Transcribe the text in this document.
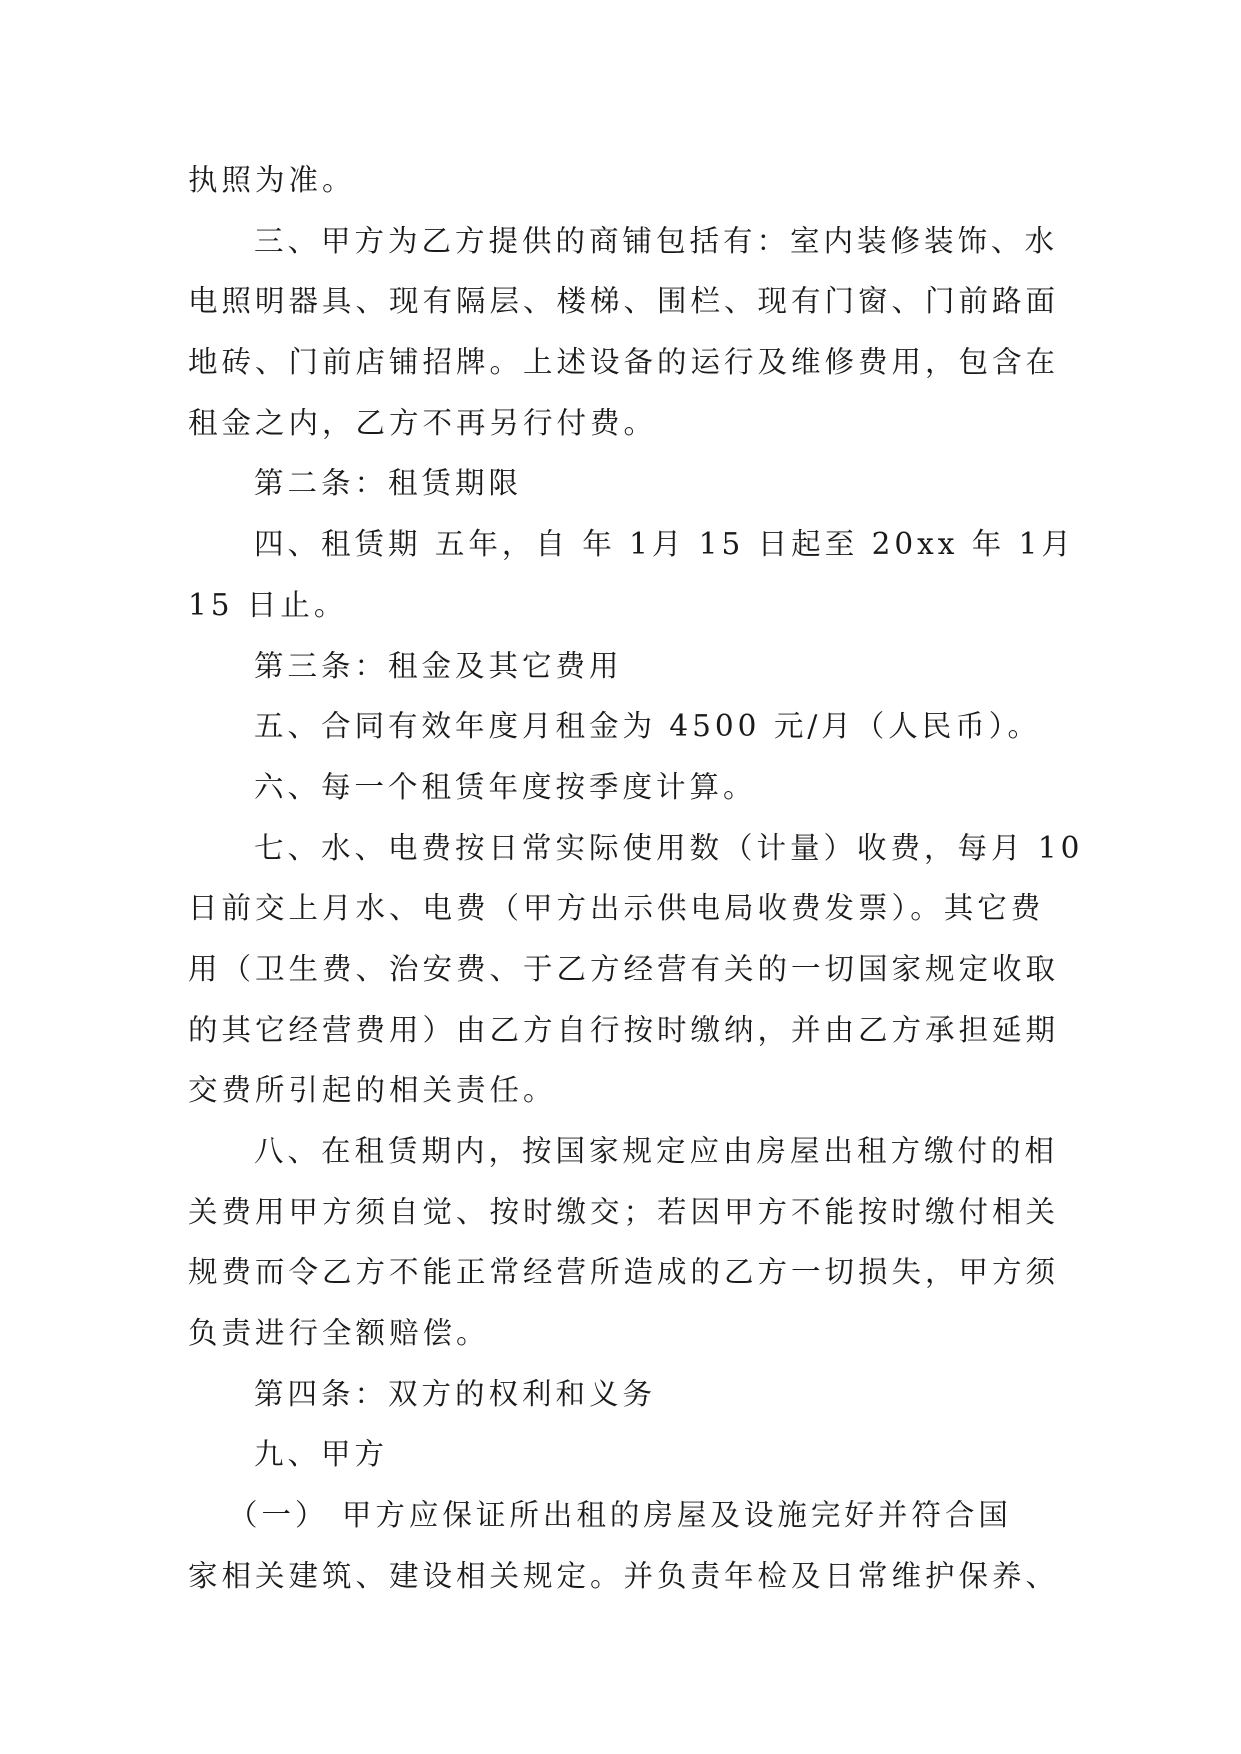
执照为准。
三、甲方为乙方提供的商铺包括有：室内装修装饰、水
电照明器具、现有隔层、楼梯、围栏、现有门窗、门前路面
地砖、门前店铺招牌。上述设备的运行及维修费用，包含在
租金之内，乙方不再另行付费。
第二条：租赁期限
四、租赁期 五年，自 年 1月 15 日起至 20xx 年 1月
15 日止。
第三条：租金及其它费用
五、合同有效年度月租金为 4500 元/月（人民币）。
六、每一个租赁年度按季度计算。
七、水、电费按日常实际使用数（计量）收费，每月 10
日前交上月水、电费（甲方出示供电局收费发票）。其它费
用（卫生费、治安费、于乙方经营有关的一切国家规定收取
的其它经营费用）由乙方自行按时缴纳，并由乙方承担延期
交费所引起的相关责任。
八、在租赁期内，按国家规定应由房屋出租方缴付的相
关费用甲方须自觉、按时缴交；若因甲方不能按时缴付相关
规费而令乙方不能正常经营所造成的乙方一切损失，甲方须
负责进行全额赔偿。
第四条：双方的权利和义务
九、甲方
（一） 甲方应保证所出租的房屋及设施完好并符合国
家相关建筑、建设相关规定。并负责年检及日常维护保养、
